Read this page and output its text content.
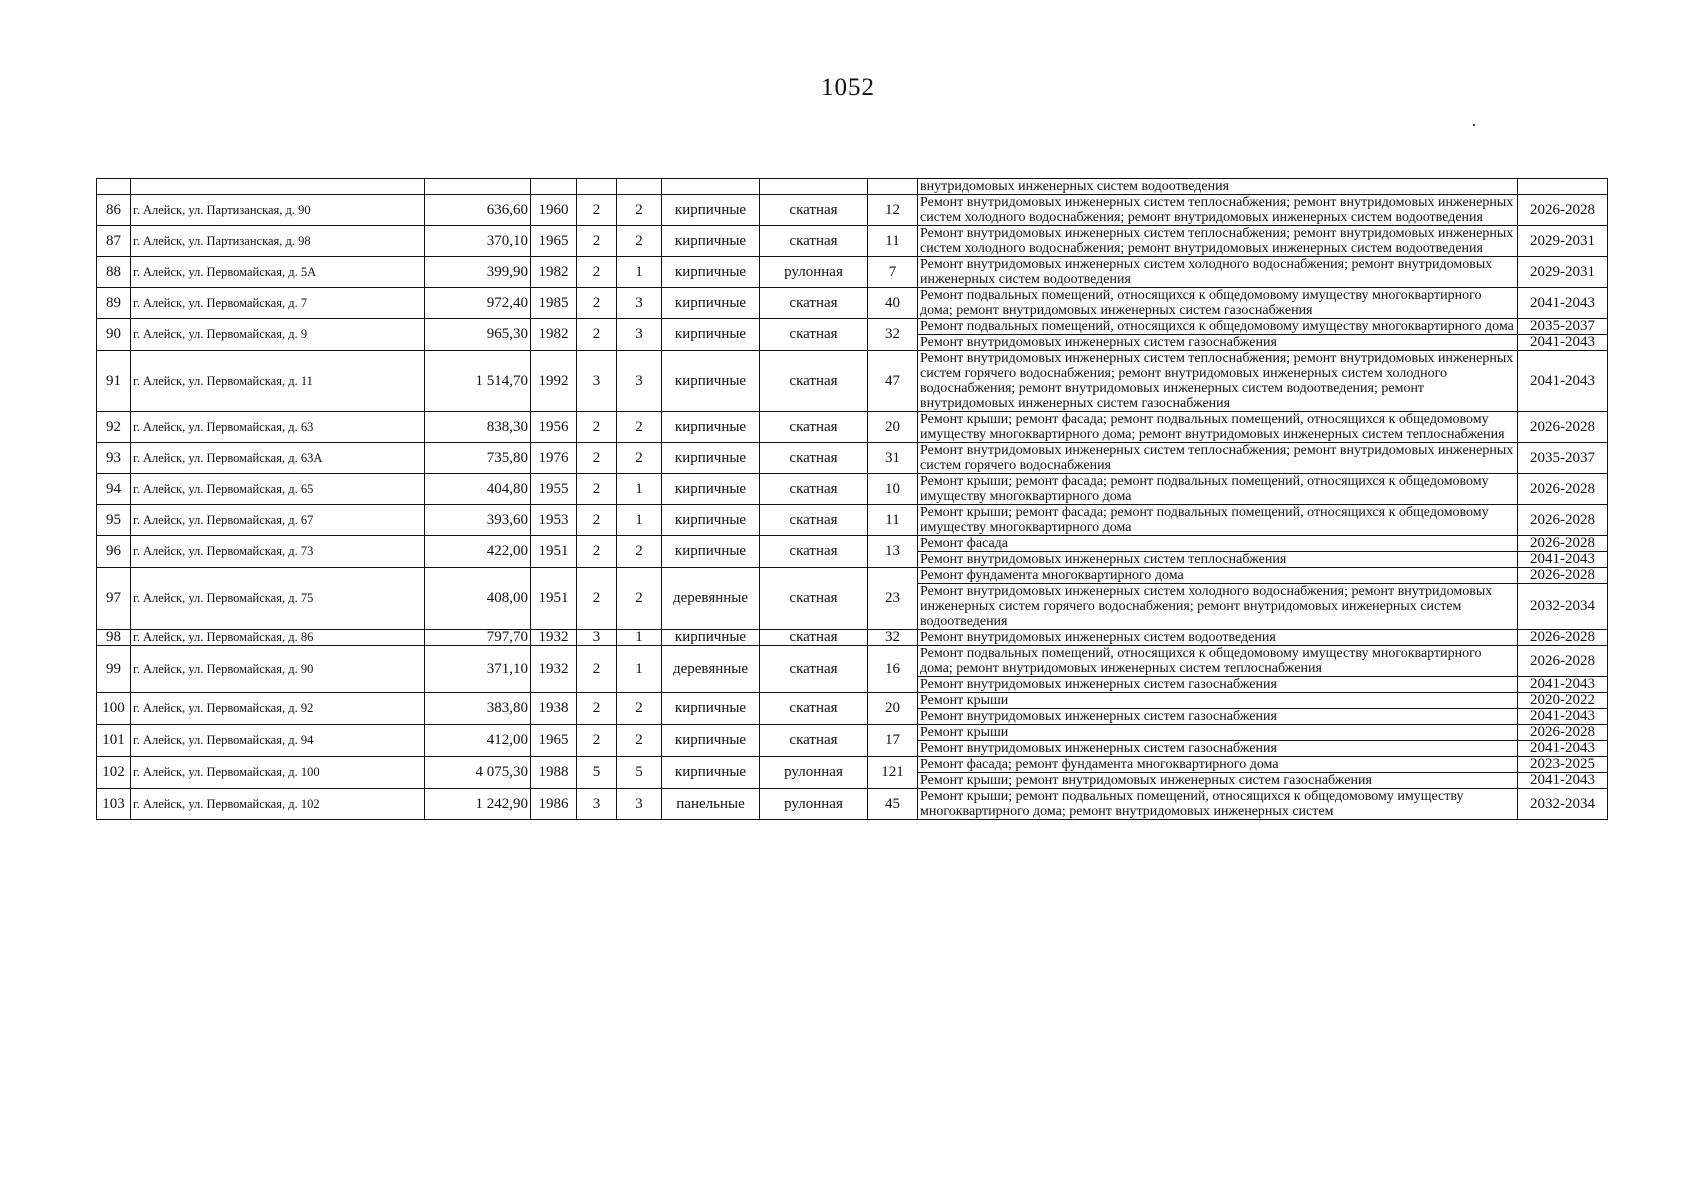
1052
									внутридомовых инженерных систем водоотведения	
86	г. Алейск, ул. Партизанская, д. 90	636,60	1960	2	2	кирпичные	скатная	12	Ремонт внутридомовых инженерных систем теплоснабжения; ремонт внутридомовых инженерных систем холодного водоснабжения; ремонт внутридомовых инженерных систем водоотведения	2026-2028
87	г. Алейск, ул. Партизанская, д. 98	370,10	1965	2	2	кирпичные	скатная	11	Ремонт внутридомовых инженерных систем теплоснабжения; ремонт внутридомовых инженерных систем холодного водоснабжения; ремонт внутридомовых инженерных систем водоотведения	2029-2031
88	г. Алейск, ул. Первомайская, д. 5А	399,90	1982	2	1	кирпичные	рулонная	7	Ремонт внутридомовых инженерных систем холодного водоснабжения; ремонт внутридомовых инженерных систем водоотведения	2029-2031
89	г. Алейск, ул. Первомайская, д. 7	972,40	1985	2	3	кирпичные	скатная	40	Ремонт подвальных помещений, относящихся к общедомовому имуществу многоквартирного дома; ремонт внутридомовых инженерных систем газоснабжения	2041-2043
90	г. Алейск, ул. Первомайская, д. 9	965,30	1982	2	3	кирпичные	скатная	32	Ремонт подвальных помещений, относящихся к общедомовому имуществу многоквартирного дома	2035-2037
									Ремонт внутридомовых инженерных систем газоснабжения	2041-2043
91	г. Алейск, ул. Первомайская, д. 11	1 514,70	1992	3	3	кирпичные	скатная	47	Ремонт внутридомовых инженерных систем теплоснабжения; ремонт внутридомовых инженерных систем горячего водоснабжения; ремонт внутридомовых инженерных систем холодного водоснабжения; ремонт внутридомовых инженерных систем водоотведения; ремонт внутридомовых инженерных систем газоснабжения	2041-2043
92	г. Алейск, ул. Первомайская, д. 63	838,30	1956	2	2	кирпичные	скатная	20	Ремонт крыши; ремонт фасада; ремонт подвальных помещений, относящихся к общедомовому имуществу многоквартирного дома; ремонт внутридомовых инженерных систем теплоснабжения	2026-2028
93	г. Алейск, ул. Первомайская, д. 63А	735,80	1976	2	2	кирпичные	скатная	31	Ремонт внутридомовых инженерных систем теплоснабжения; ремонт внутридомовых инженерных систем горячего водоснабжения	2035-2037
94	г. Алейск, ул. Первомайская, д. 65	404,80	1955	2	1	кирпичные	скатная	10	Ремонт крыши; ремонт фасада; ремонт подвальных помещений, относящихся к общедомовому имуществу многоквартирного дома	2026-2028
95	г. Алейск, ул. Первомайская, д. 67	393,60	1953	2	1	кирпичные	скатная	11	Ремонт крыши; ремонт фасада; ремонт подвальных помещений, относящихся к общедомовому имуществу многоквартирного дома	2026-2028
96	г. Алейск, ул. Первомайская, д. 73	422,00	1951	2	2	кирпичные	скатная	13	Ремонт фасада	2026-2028
									Ремонт внутридомовых инженерных систем теплоснабжения	2041-2043
97	г. Алейск, ул. Первомайская, д. 75	408,00	1951	2	2	деревянные	скатная	23	Ремонт фундамента многоквартирного дома	2026-2028
									Ремонт внутридомовых инженерных систем холодного водоснабжения; ремонт внутридомовых инженерных систем горячего водоснабжения; ремонт внутридомовых инженерных систем водоотведения	2032-2034
98	г. Алейск, ул. Первомайская, д. 86	797,70	1932	3	1	кирпичные	скатная	32	Ремонт внутридомовых инженерных систем водоотведения	2026-2028
99	г. Алейск, ул. Первомайская, д. 90	371,10	1932	2	1	деревянные	скатная	16	Ремонт подвальных помещений, относящихся к общедомовому имуществу многоквартирного дома; ремонт внутридомовых инженерных систем теплоснабжения	2026-2028
									Ремонт внутридомовых инженерных систем газоснабжения	2041-2043
100	г. Алейск, ул. Первомайская, д. 92	383,80	1938	2	2	кирпичные	скатная	20	Ремонт крыши	2020-2022
									Ремонт внутридомовых инженерных систем газоснабжения	2041-2043
101	г. Алейск, ул. Первомайская, д. 94	412,00	1965	2	2	кирпичные	скатная	17	Ремонт крыши	2026-2028
									Ремонт внутридомовых инженерных систем газоснабжения	2041-2043
102	г. Алейск, ул. Первомайская, д. 100	4 075,30	1988	5	5	кирпичные	рулонная	121	Ремонт фасада; ремонт фундамента многоквартирного дома	2023-2025
									Ремонт крыши; ремонт внутридомовых инженерных систем газоснабжения	2041-2043
103	г. Алейск, ул. Первомайская, д. 102	1 242,90	1986	3	3	панельные	рулонная	45	Ремонт крыши; ремонт подвальных помещений, относящихся к общедомовому имуществу многоквартирного дома; ремонт внутридомовых инженерных систем	2032-2034
